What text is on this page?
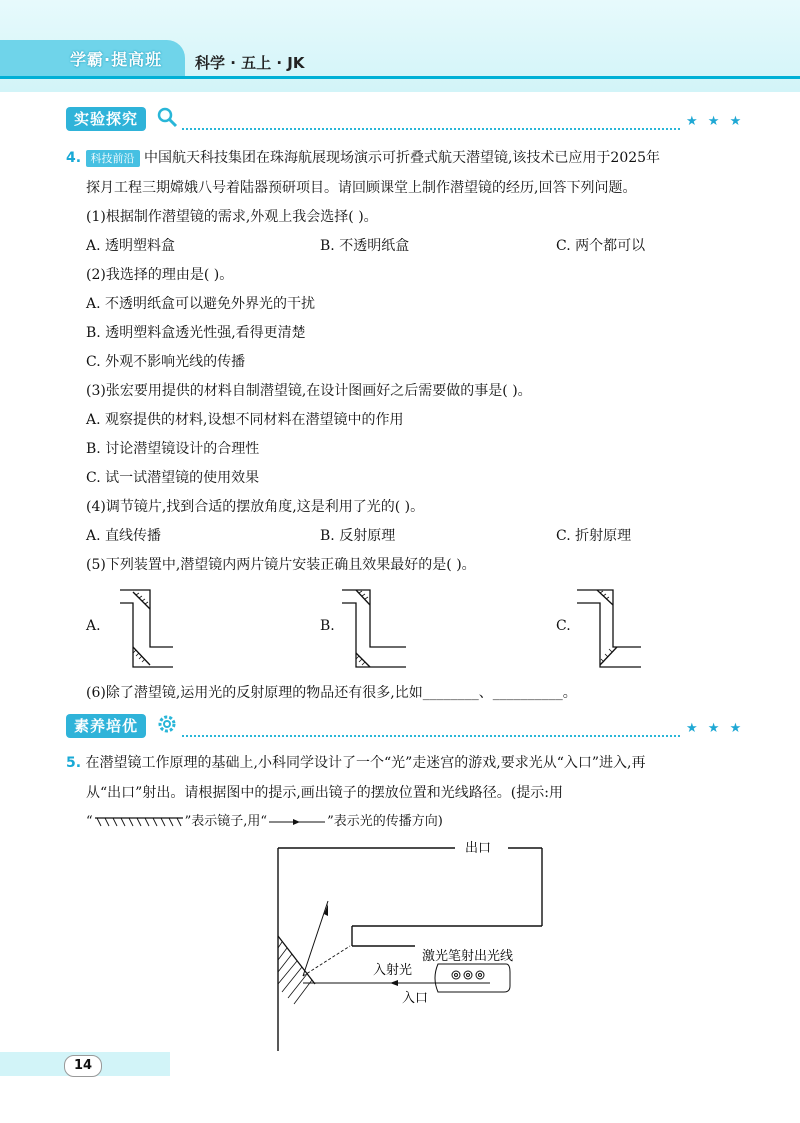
学霸·提高班 科学 · 五上 · JK
实验探究	★ ★ ★
4. 科技前沿 中国航天科技集团在珠海航展现场演示可折叠式航天潜望镜,该技术已应用于2025年
探月工程三期嫦娥八号着陆器预研项目。请回顾课堂上制作潜望镜的经历,回答下列问题。
(1)根据制作潜望镜的需求,外观上我会选择( )。
A. 透明塑料盒	B. 不透明纸盒	C. 两个都可以
(2)我选择的理由是( )。
A. 不透明纸盒可以避免外界光的干扰
B. 透明塑料盒透光性强,看得更清楚
C. 外观不影响光线的传播
(3)张宏要用提供的材料自制潜望镜,在设计图画好之后需要做的事是( )。
A. 观察提供的材料,设想不同材料在潜望镜中的作用
B. 讨论潜望镜设计的合理性
C. 试一试潜望镜的使用效果
(4)调节镜片,找到合适的摆放角度,这是利用了光的( )。
A. 直线传播	B. 反射原理	C. 折射原理
(5)下列装置中,潜望镜内两片镜片安装正确且效果最好的是( )。
A.	B.	C.
(6)除了潜望镜,运用光的反射原理的物品还有很多,比如________、__________。
素养培优	★ ★ ★
5. 在潜望镜工作原理的基础上,小科同学设计了一个“光”走迷宫的游戏,要求光从“入口”进入,再
从“出口”射出。请根据图中的提示,画出镜子的摆放位置和光线路径。(提示:用
“	”表示镜子,用“	”表示光的传播方向)
出口
激光笔射出光线
入射光
入口
14
